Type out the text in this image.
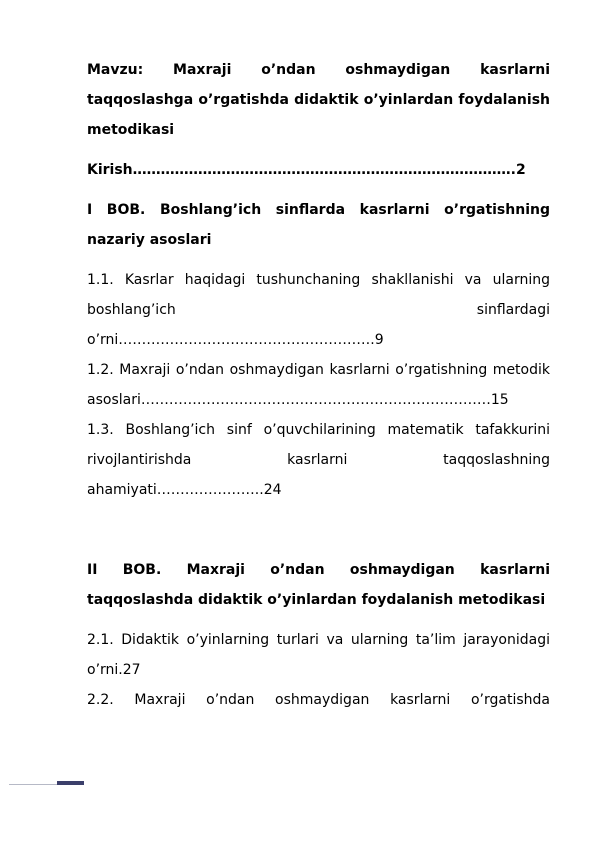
Mavzu: Maxraji o’ndan oshmaydigan kasrlarni taqqoslashga o’rgatishda didaktik o’yinlardan foydalanish metodikasi

Kirish……………………………………………………………………….2

I BOB. Boshlang’ich sinflarda kasrlarni o’rgatishning nazariy asoslari

1.1. Kasrlar haqidagi tushunchaning shakllanishi va ularning boshlang’ich sinflardagi o’rni……………………………………………….9

1.2. Maxraji o’ndan oshmaydigan kasrlarni o’rgatishning metodik asoslari…………………………………………………………………15

1.3. Boshlang’ich sinf o’quvchilarining matematik tafakkurini rivojlantirishda kasrlarni taqqoslashning ahamiyati…………………..24

II BOB. Maxraji o’ndan oshmaydigan kasrlarni taqqoslashda didaktik o’yinlardan foydalanish metodikasi

2.1. Didaktik o’yinlarning turlari va ularning ta’lim jarayonidagi o’rni.27

2.2. Maxraji o’ndan oshmaydigan kasrlarni o’rgatishda
